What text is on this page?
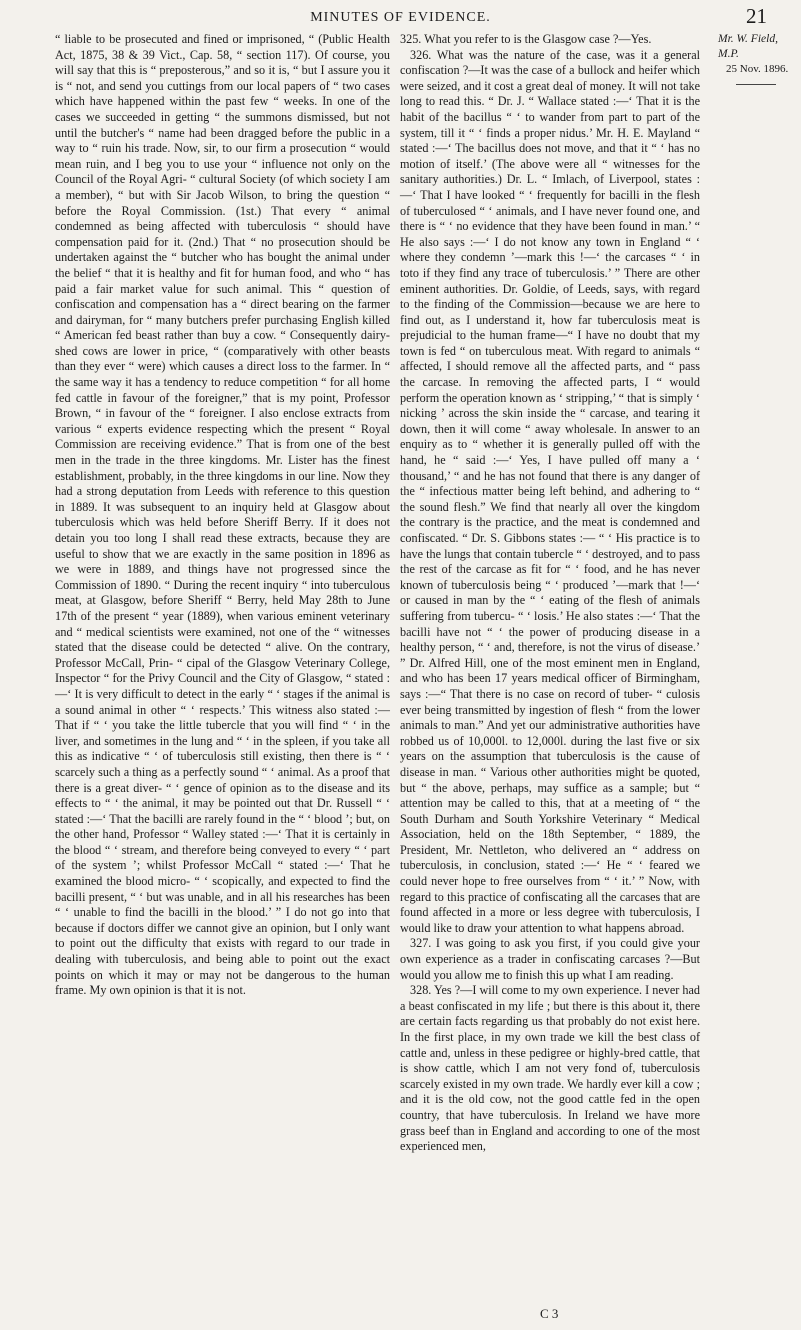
MINUTES OF EVIDENCE.	21

“ liable to be prosecuted and fined or imprisoned, “ (Public Health Act, 1875, 38 & 39 Vict., Cap. 58, “ section 117). Of course, you will say that this is “ preposterous,” and so it is, “ but I assure you it is “ not, and send you cuttings from our local papers of “ two cases which have happened within the past few “ weeks. In one of the cases we succeeded in getting “ the summons dismissed, but not until the butcher's “ name had been dragged before the public in a way to “ ruin his trade. Now, sir, to our firm a prosecution “ would mean ruin, and I beg you to use your “ influence not only on the Council of the Royal Agri- “ cultural Society (of which society I am a member), “ but with Sir Jacob Wilson, to bring the question “ before the Royal Commission. (1st.) That every “ animal condemned as being affected with tuberculosis “ should have compensation paid for it. (2nd.) That “ no prosecution should be undertaken against the “ butcher who has bought the animal under the belief “ that it is healthy and fit for human food, and who “ has paid a fair market value for such animal. This “ question of confiscation and compensation has a “ direct bearing on the farmer and dairyman, for “ many butchers prefer purchasing English killed “ American fed beast rather than buy a cow. “ Consequently dairy-shed cows are lower in price, “ (comparatively with other beasts than they ever “ were) which causes a direct loss to the farmer. In “ the same way it has a tendency to reduce competition “ for all home fed cattle in favour of the foreigner,” that is my point, Professor Brown, “ in favour of the “ foreigner. I also enclose extracts from various “ experts evidence respecting which the present “ Royal Commission are receiving evidence.” That is from one of the best men in the trade in the three kingdoms. Mr. Lister has the finest establishment, probably, in the three kingdoms in our line. Now they had a strong deputation from Leeds with reference to this question in 1889. It was subsequent to an inquiry held at Glasgow about tuberculosis which was held before Sheriff Berry. If it does not detain you too long I shall read these extracts, because they are useful to show that we are exactly in the same position in 1896 as we were in 1889, and things have not progressed since the Commission of 1890. “ During the recent inquiry “ into tuberculous meat, at Glasgow, before Sheriff “ Berry, held May 28th to June 17th of the present “ year (1889), when various eminent veterinary and “ medical scientists were examined, not one of the “ witnesses stated that the disease could be detected “ alive. On the contrary, Professor McCall, Prin- “ cipal of the Glasgow Veterinary College, Inspector “ for the Privy Council and the City of Glasgow, “ stated :—‘ It is very difficult to detect in the early “ ‘ stages if the animal is a sound animal in other “ ‘ respects.’ This witness also stated :—That if “ ‘ you take the little tubercle that you will find “ ‘ in the liver, and sometimes in the lung and “ ‘ in the spleen, if you take all this as indicative “ ‘ of tuberculosis still existing, then there is “ ‘ scarcely such a thing as a perfectly sound “ ‘ animal. As a proof that there is a great diver- “ ‘ gence of opinion as to the disease and its effects to “ ‘ the animal, it may be pointed out that Dr. Russell “ ‘ stated :—‘ That the bacilli are rarely found in the “ ‘ blood ’; but, on the other hand, Professor “ Walley stated :—‘ That it is certainly in the blood “ ‘ stream, and therefore being conveyed to every “ ‘ part of the system ’; whilst Professor McCall “ stated :—‘ That he examined the blood micro- “ ‘ scopically, and expected to find the bacilli present, “ ‘ but was unable, and in all his researches has been “ ‘ unable to find the bacilli in the blood.’ ” I do not go into that because if doctors differ we cannot give an opinion, but I only want to point out the difficulty that exists with regard to our trade in dealing with tuberculosis, and being able to point out the exact points on which it may or may not be dangerous to the human frame. My own opinion is that it is not.

325. What you refer to is the Glasgow case ?—Yes.

326. What was the nature of the case, was it a general confiscation ?—It was the case of a bullock and heifer which were seized, and it cost a great deal of money. It will not take long to read this. “ Dr. J. “ Wallace stated :—‘ That it is the habit of the bacillus “ ‘ to wander from part to part of the system, till it “ ‘ finds a proper nidus.’ Mr. H. E. Mayland “ stated :—‘ The bacillus does not move, and that it “ ‘ has no motion of itself.’ (The above were all “ witnesses for the sanitary authorities.) Dr. L. “ Imlach, of Liverpool, states :—‘ That I have looked “ ‘ frequently for bacilli in the flesh of tuberculosed “ ‘ animals, and I have never found one, and there is “ ‘ no evidence that they have been found in man.’ “ He also says :—‘ I do not know any town in England “ ‘ where they condemn ’—mark this !—‘ the carcases “ ‘ in toto if they find any trace of tuberculosis.’ ” There are other eminent authorities. Dr. Goldie, of Leeds, says, with regard to the finding of the Commission—because we are here to find out, as I understand it, how far tuberculosis meat is prejudicial to the human frame—“ I have no doubt that my town is fed “ on tuberculous meat. With regard to animals “ affected, I should remove all the affected parts, and “ pass the carcase. In removing the affected parts, I “ would perform the operation known as ‘ stripping,’ “ that is simply ‘ nicking ’ across the skin inside the “ carcase, and tearing it down, then it will come “ away wholesale. In answer to an enquiry as to “ whether it is generally pulled off with the hand, he “ said :—‘ Yes, I have pulled off many a ‘ thousand,’ “ and he has not found that there is any danger of the “ infectious matter being left behind, and adhering to “ the sound flesh.” We find that nearly all over the kingdom the contrary is the practice, and the meat is condemned and confiscated. “ Dr. S. Gibbons states :— “ ‘ His practice is to have the lungs that contain tubercle “ ‘ destroyed, and to pass the rest of the carcase as fit for “ ‘ food, and he has never known of tuberculosis being “ ‘ produced ’—mark that !—‘ or caused in man by the “ ‘ eating of the flesh of animals suffering from tubercu- “ ‘ losis.’ He also states :—‘ That the bacilli have not “ ‘ the power of producing disease in a healthy person, “ ‘ and, therefore, is not the virus of disease.’ ” Dr. Alfred Hill, one of the most eminent men in England, and who has been 17 years medical officer of Birmingham, says :—“ That there is no case on record of tuber- “ culosis ever being transmitted by ingestion of flesh “ from the lower animals to man.” And yet our administrative authorities have robbed us of 10,000l. to 12,000l. during the last five or six years on the assumption that tuberculosis is the cause of disease in man. “ Various other authorities might be quoted, but “ the above, perhaps, may suffice as a sample; but “ attention may be called to this, that at a meeting of “ the South Durham and South Yorkshire Veterinary “ Medical Association, held on the 18th September, “ 1889, the President, Mr. Nettleton, who delivered an “ address on tuberculosis, in conclusion, stated :—‘ He “ ‘ feared we could never hope to free ourselves from “ ‘ it.’ ” Now, with regard to this practice of confiscating all the carcases that are found affected in a more or less degree with tuberculosis, I would like to draw your attention to what happens abroad.

327. I was going to ask you first, if you could give your own experience as a trader in confiscating carcases ?—But would you allow me to finish this up what I am reading.

328. Yes ?—I will come to my own experience. I never had a beast confiscated in my life ; but there is this about it, there are certain facts regarding us that probably do not exist here. In the first place, in my own trade we kill the best class of cattle and, unless in these pedigree or highly-bred cattle, that is show cattle, which I am not very fond of, tuberculosis scarcely existed in my own trade. We hardly ever kill a cow ; and it is the old cow, not the good cattle fed in the open country, that have tuberculosis. In Ireland we have more grass beef than in England and according to one of the most experienced men,

Mr. W. Field, M.P.
25 Nov. 1896.
C 3
